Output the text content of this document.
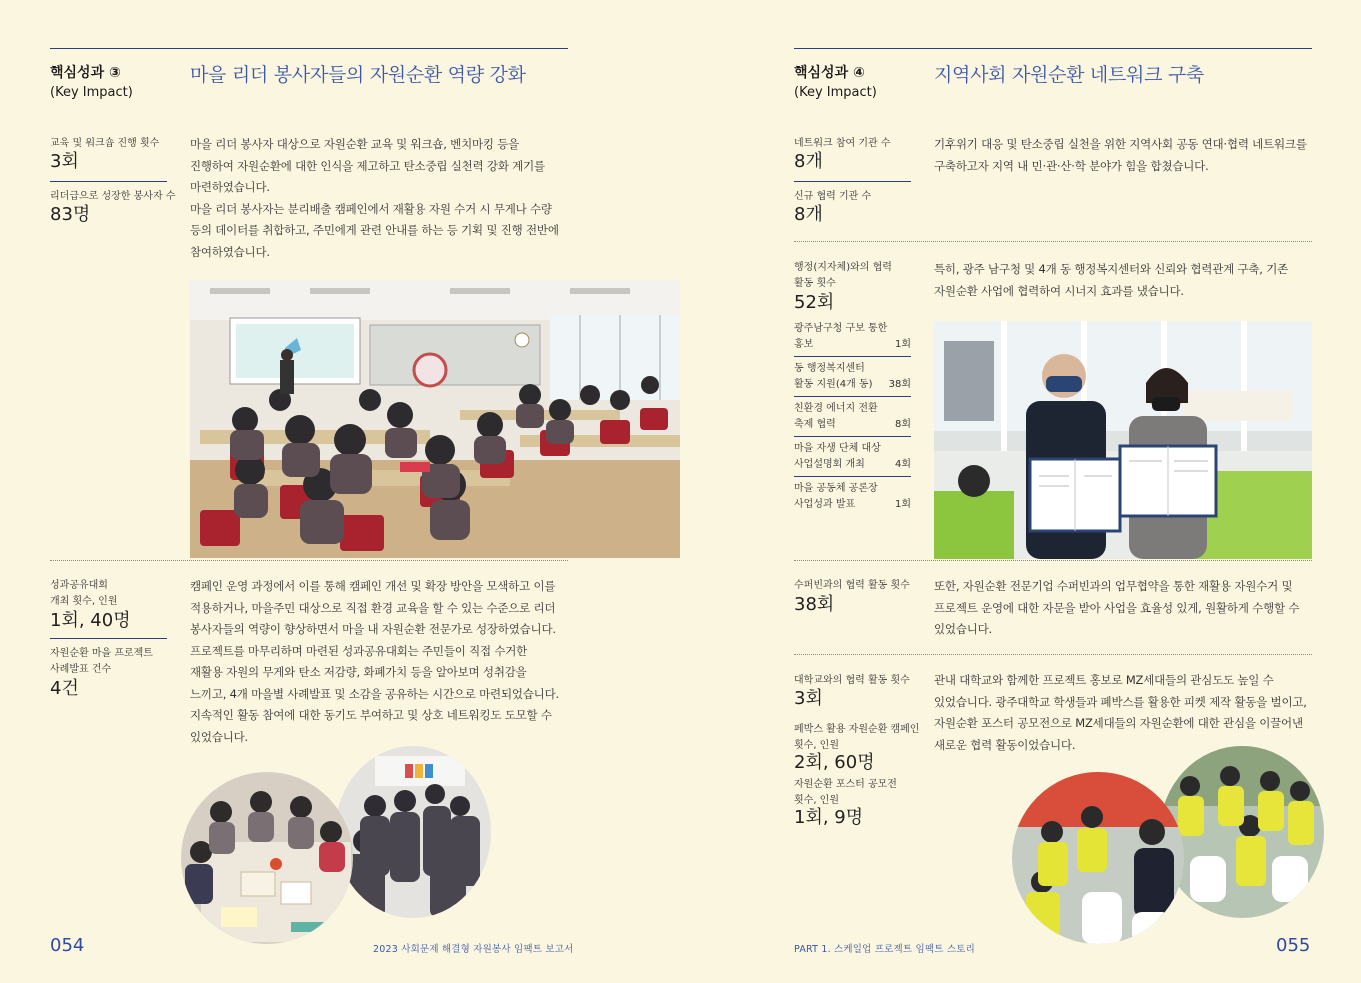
핵심성과 ③
(Key Impact)
마을 리더 봉사자들의 자원순환 역량 강화
교육 및 워크숍 진행 횟수
3회
리더급으로 성장한 봉사자 수
83명
마을 리더 봉사자 대상으로 자원순환 교육 및 워크숍, 벤치마킹 등을
진행하여 자원순환에 대한 인식을 제고하고 탄소중립 실천력 강화 계기를
마련하였습니다.
마을 리더 봉사자는 분리배출 캠페인에서 재활용 자원 수거 시 무게나 수량
등의 데이터를 취합하고, 주민에게 관련 안내를 하는 등 기획 및 진행 전반에
참여하였습니다.
성과공유대회
개최 횟수, 인원
1회, 40명
자원순환 마을 프로젝트
사례발표 건수
4건
캠페인 운영 과정에서 이를 통해 캠페인 개선 및 확장 방안을 모색하고 이를
적용하거나, 마을주민 대상으로 직접 환경 교육을 할 수 있는 수준으로 리더
봉사자들의 역량이 향상하면서 마을 내 자원순환 전문가로 성장하였습니다.
프로젝트를 마무리하며 마련된 성과공유대회는 주민들이 직접 수거한
재활용 자원의 무게와 탄소 저감량, 화폐가치 등을 알아보며 성취감을
느끼고, 4개 마을별 사례발표 및 소감을 공유하는 시간으로 마련되었습니다.
지속적인 활동 참여에 대한 동기도 부여하고 및 상호 네트워킹도 도모할 수
있었습니다.
054	2023 사회문제 해결형 자원봉사 임팩트 보고서
핵심성과 ④
(Key Impact)
지역사회 자원순환 네트워크 구축
네트워크 참여 기관 수
8개
신규 협력 기관 수
8개
기후위기 대응 및 탄소중립 실천을 위한 지역사회 공동 연대·협력 네트워크를
구축하고자 지역 내 민·관·산·학 분야가 힘을 합쳤습니다.
행정(지자체)와의 협력
활동 횟수
52회
광주남구청 구보 통한
홍보	1회
동 행정복지센터
활동 지원(4개 동)	38회
친환경 에너지 전환
축제 협력	8회
마을 자생 단체 대상
사업설명회 개최	4회
마을 공동체 공론장
사업성과 발표	1회
특히, 광주 남구청 및 4개 동 행정복지센터와 신뢰와 협력관계 구축, 기존
자원순환 사업에 협력하여 시너지 효과를 냈습니다.
수퍼빈과의 협력 활동 횟수
38회
또한, 자원순환 전문기업 수퍼빈과의 업무협약을 통한 재활용 자원수거 및
프로젝트 운영에 대한 자문을 받아 사업을 효율성 있게, 원활하게 수행할 수
있었습니다.
대학교와의 협력 활동 횟수
3회
페박스 활용 자원순환 캠페인
횟수, 인원
2회, 60명
자원순환 포스터 공모전
횟수, 인원
1회, 9명
관내 대학교와 함께한 프로젝트 홍보로 MZ세대들의 관심도도 높일 수
있었습니다. 광주대학교 학생들과 폐박스를 활용한 피켓 제작 활동을 벌이고,
자원순환 포스터 공모전으로 MZ세대들의 자원순환에 대한 관심을 이끌어낸
새로운 협력 활동이었습니다.
PART 1. 스케일업 프로젝트 임팩트 스토리	055
